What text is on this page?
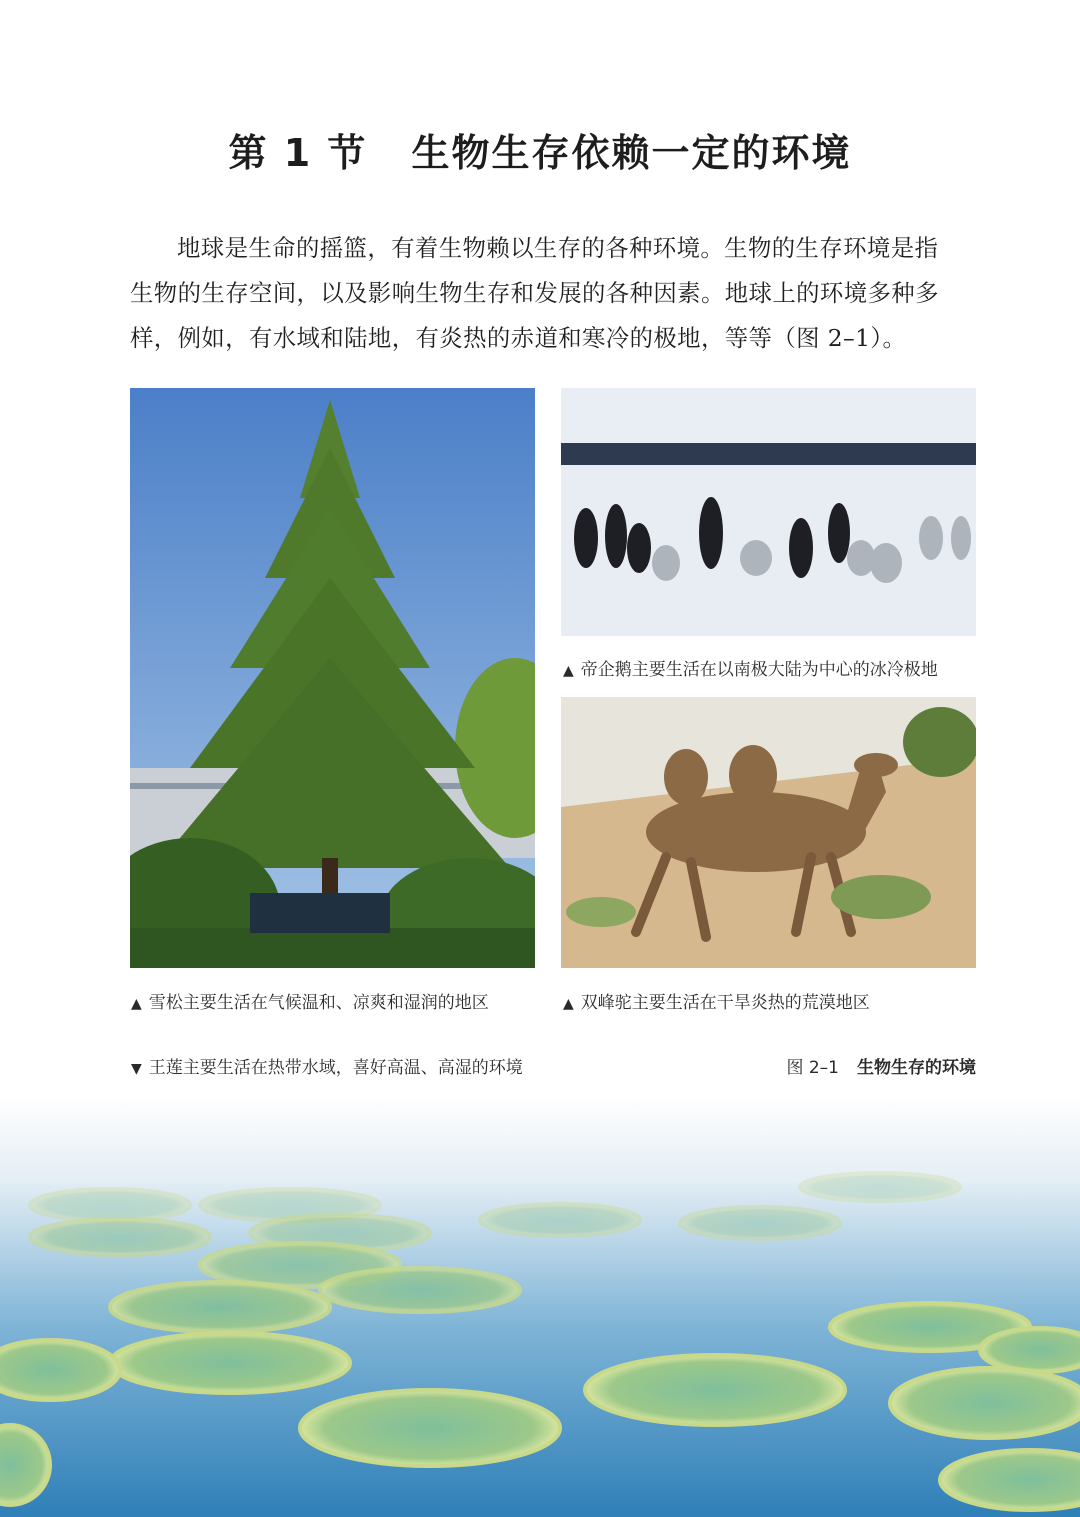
第 1 节 生物生存依赖一定的环境
地球是生命的摇篮，有着生物赖以生存的各种环境。生物的生存环境是指
生物的生存空间，以及影响生物生存和发展的各种因素。地球上的环境多种多
样，例如，有水域和陆地，有炎热的赤道和寒冷的极地，等等（图 2–1）。
▲ 帝企鹅主要生活在以南极大陆为中心的冰冷极地
▲ 雪松主要生活在气候温和、凉爽和湿润的地区	▲ 双峰驼主要生活在干旱炎热的荒漠地区
▼ 王莲主要生活在热带水域，喜好高温、高湿的环境	图 2–1 生物生存的环境
